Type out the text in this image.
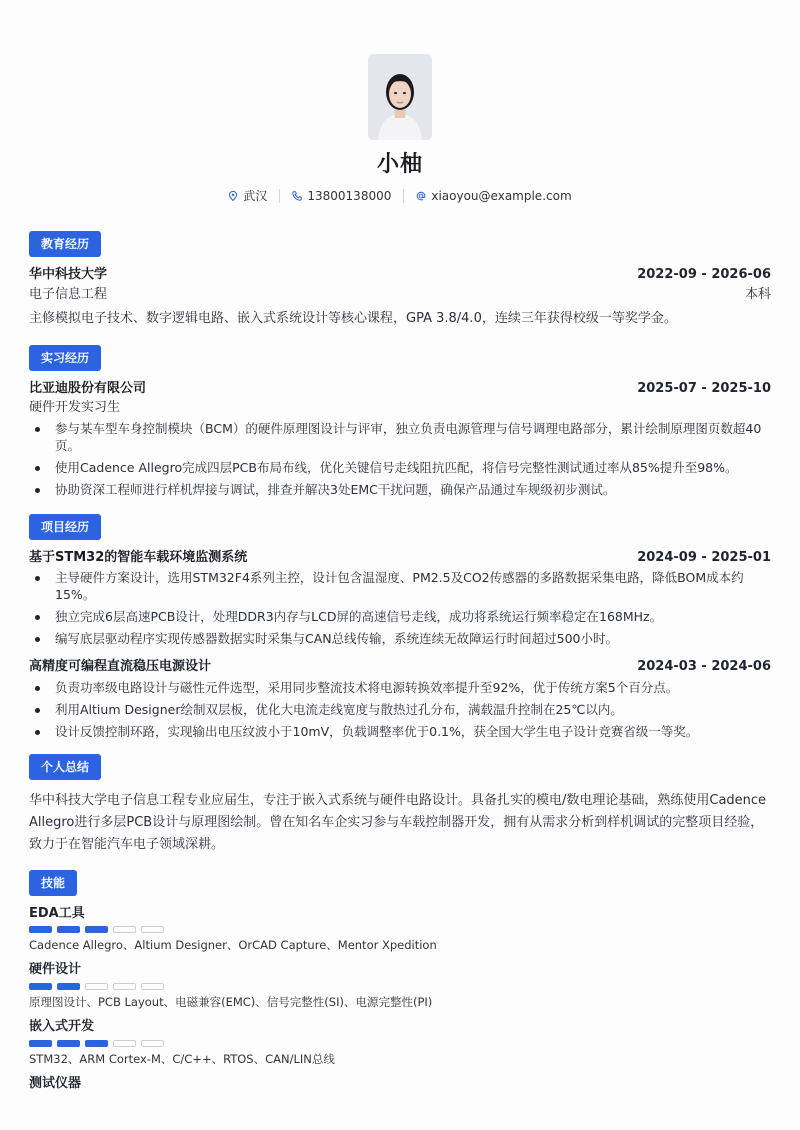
小柚
武汉	13800138000	xiaoyou@example.com
教育经历
华中科技大学	2022-09 - 2026-06
电子信息工程	本科
主修模拟电子技术、数字逻辑电路、嵌入式系统设计等核心课程，GPA 3.8/4.0，连续三年获得校级一等奖学金。
实习经历
比亚迪股份有限公司	2025-07 - 2025-10
硬件开发实习生
参与某车型车身控制模块（BCM）的硬件原理图设计与评审，独立负责电源管理与信号调理电路部分，累计绘制原理图页数超40页。
使用Cadence Allegro完成四层PCB布局布线，优化关键信号走线阻抗匹配，将信号完整性测试通过率从85%提升至98%。
协助资深工程师进行样机焊接与调试，排查并解决3处EMC干扰问题，确保产品通过车规级初步测试。
项目经历
基于STM32的智能车载环境监测系统	2024-09 - 2025-01
主导硬件方案设计，选用STM32F4系列主控，设计包含温湿度、PM2.5及CO2传感器的多路数据采集电路，降低BOM成本约15%。
独立完成6层高速PCB设计，处理DDR3内存与LCD屏的高速信号走线，成功将系统运行频率稳定在168MHz。
编写底层驱动程序实现传感器数据实时采集与CAN总线传输，系统连续无故障运行时间超过500小时。
高精度可编程直流稳压电源设计	2024-03 - 2024-06
负责功率级电路设计与磁性元件选型，采用同步整流技术将电源转换效率提升至92%，优于传统方案5个百分点。
利用Altium Designer绘制双层板，优化大电流走线宽度与散热过孔分布，满载温升控制在25℃以内。
设计反馈控制环路，实现输出电压纹波小于10mV，负载调整率优于0.1%，获全国大学生电子设计竞赛省级一等奖。
个人总结
华中科技大学电子信息工程专业应届生，专注于嵌入式系统与硬件电路设计。具备扎实的模电/数电理论基础，熟练使用Cadence Allegro进行多层PCB设计与原理图绘制。曾在知名车企实习参与车载控制器开发，拥有从需求分析到样机调试的完整项目经验，致力于在智能汽车电子领域深耕。
技能
EDA工具
Cadence Allegro、Altium Designer、OrCAD Capture、Mentor Xpedition
硬件设计
原理图设计、PCB Layout、电磁兼容(EMC)、信号完整性(SI)、电源完整性(PI)
嵌入式开发
STM32、ARM Cortex-M、C/C++、RTOS、CAN/LIN总线
测试仪器
